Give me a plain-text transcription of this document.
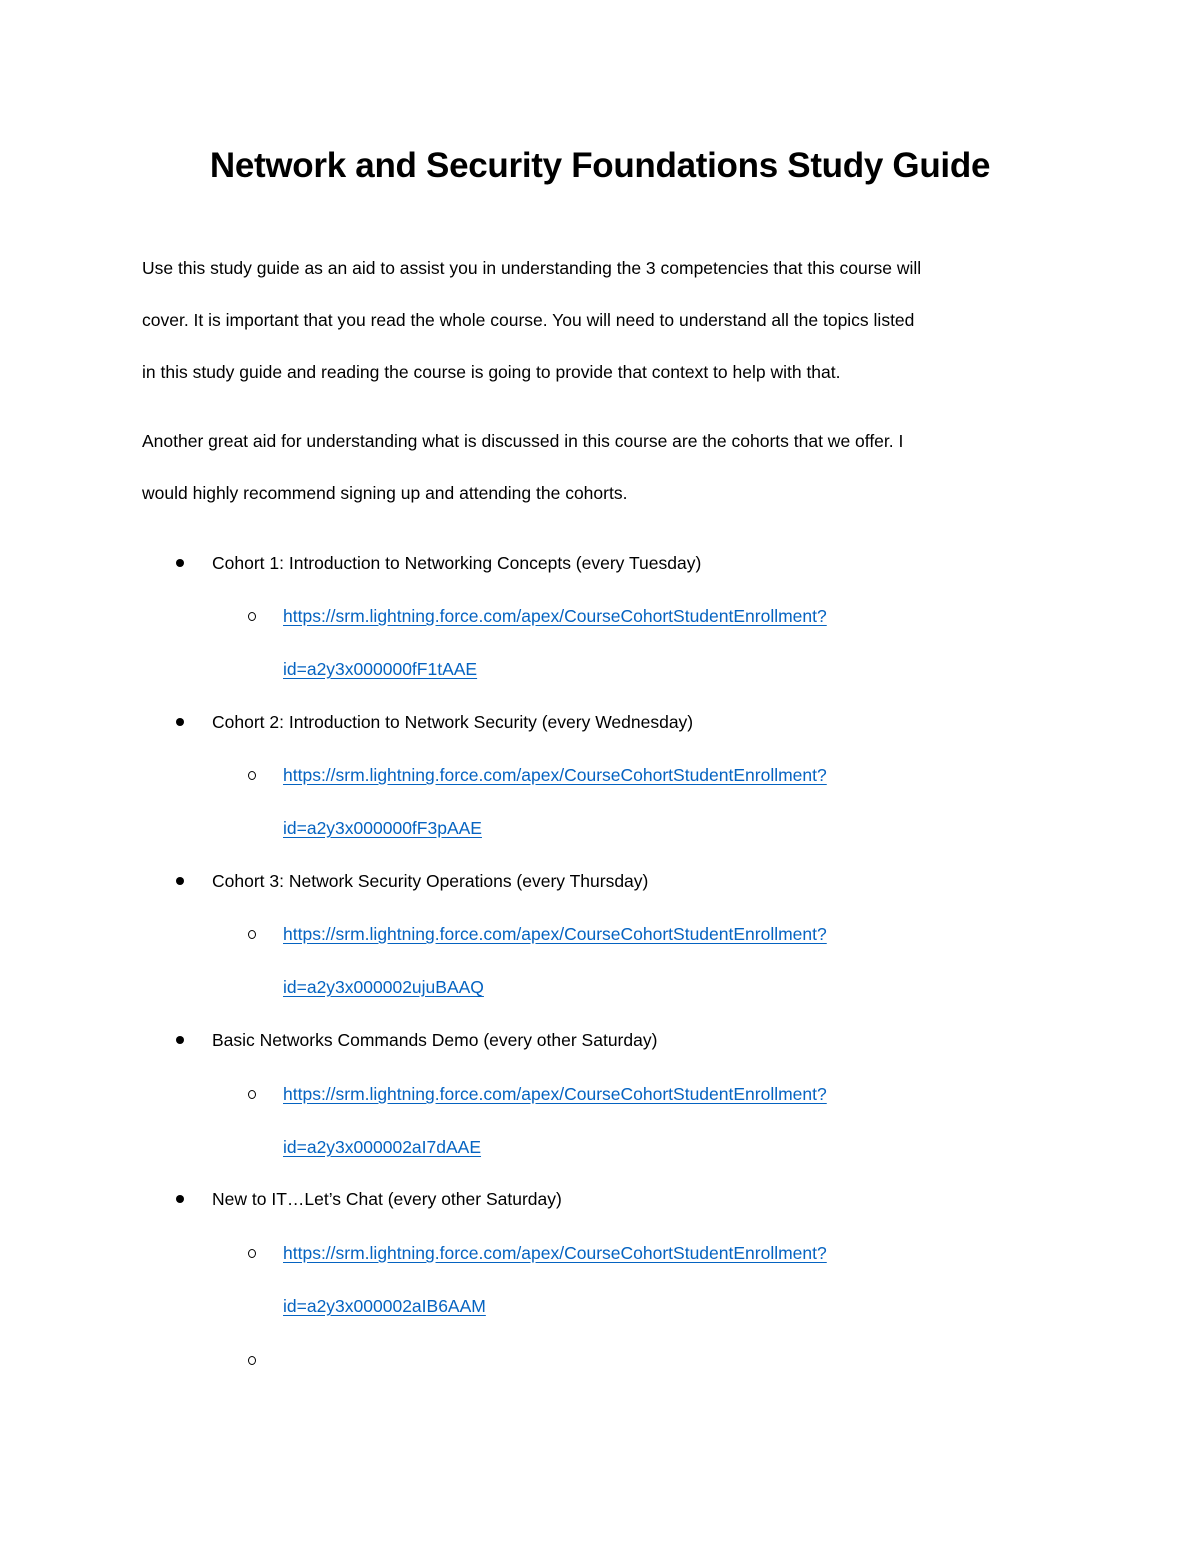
Network and Security Foundations Study Guide

Use this study guide as an aid to assist you in understanding the 3 competencies that this course will
cover. It is important that you read the whole course. You will need to understand all the topics listed
in this study guide and reading the course is going to provide that context to help with that.

Another great aid for understanding what is discussed in this course are the cohorts that we offer. I
would highly recommend signing up and attending the cohorts.

Cohort 1: Introduction to Networking Concepts (every Tuesday)
https://srm.lightning.force.com/apex/CourseCohortStudentEnrollment?
id=a2y3x000000fF1tAAE
Cohort 2: Introduction to Network Security (every Wednesday)
https://srm.lightning.force.com/apex/CourseCohortStudentEnrollment?
id=a2y3x000000fF3pAAE
Cohort 3: Network Security Operations (every Thursday)
https://srm.lightning.force.com/apex/CourseCohortStudentEnrollment?
id=a2y3x000002ujuBAAQ
Basic Networks Commands Demo (every other Saturday)
https://srm.lightning.force.com/apex/CourseCohortStudentEnrollment?
id=a2y3x000002aI7dAAE
New to IT…Let’s Chat (every other Saturday)
https://srm.lightning.force.com/apex/CourseCohortStudentEnrollment?
id=a2y3x000002aIB6AAM
